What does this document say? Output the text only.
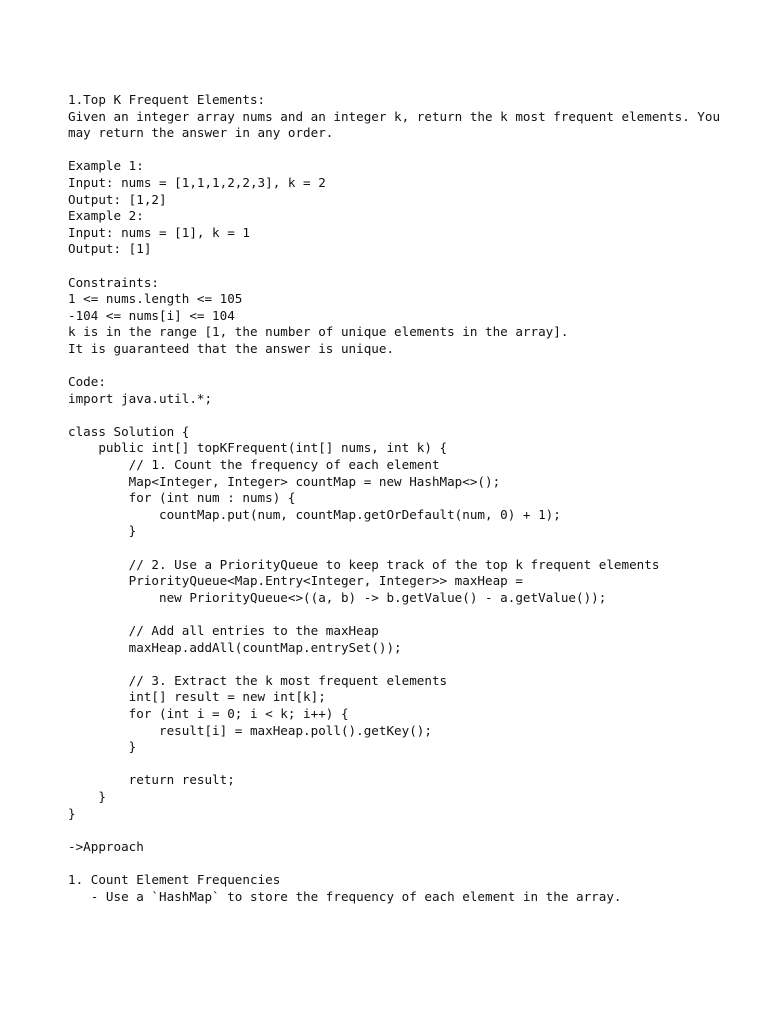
1.Top K Frequent Elements:
Given an integer array nums and an integer k, return the k most frequent elements. You
may return the answer in any order.
Example 1:
Input: nums = [1,1,1,2,2,3], k = 2
Output: [1,2]
Example 2:
Input: nums = [1], k = 1
Output: [1]
Constraints:
1 <= nums.length <= 105
-104 <= nums[i] <= 104
k is in the range [1, the number of unique elements in the array].
It is guaranteed that the answer is unique.
Code:
import java.util.*;
class Solution {
public int[] topKFrequent(int[] nums, int k) {
// 1. Count the frequency of each element
Map<Integer, Integer> countMap = new HashMap<>();
for (int num : nums) {
countMap.put(num, countMap.getOrDefault(num, 0) + 1);
}
// 2. Use a PriorityQueue to keep track of the top k frequent elements
PriorityQueue<Map.Entry<Integer, Integer>> maxHeap =
new PriorityQueue<>((a, b) -> b.getValue() - a.getValue());
// Add all entries to the maxHeap
maxHeap.addAll(countMap.entrySet());
// 3. Extract the k most frequent elements
int[] result = new int[k];
for (int i = 0; i < k; i++) {
result[i] = maxHeap.poll().getKey();
}
return result;
}
}
->Approach
1. Count Element Frequencies
- Use a `HashMap` to store the frequency of each element in the array.
